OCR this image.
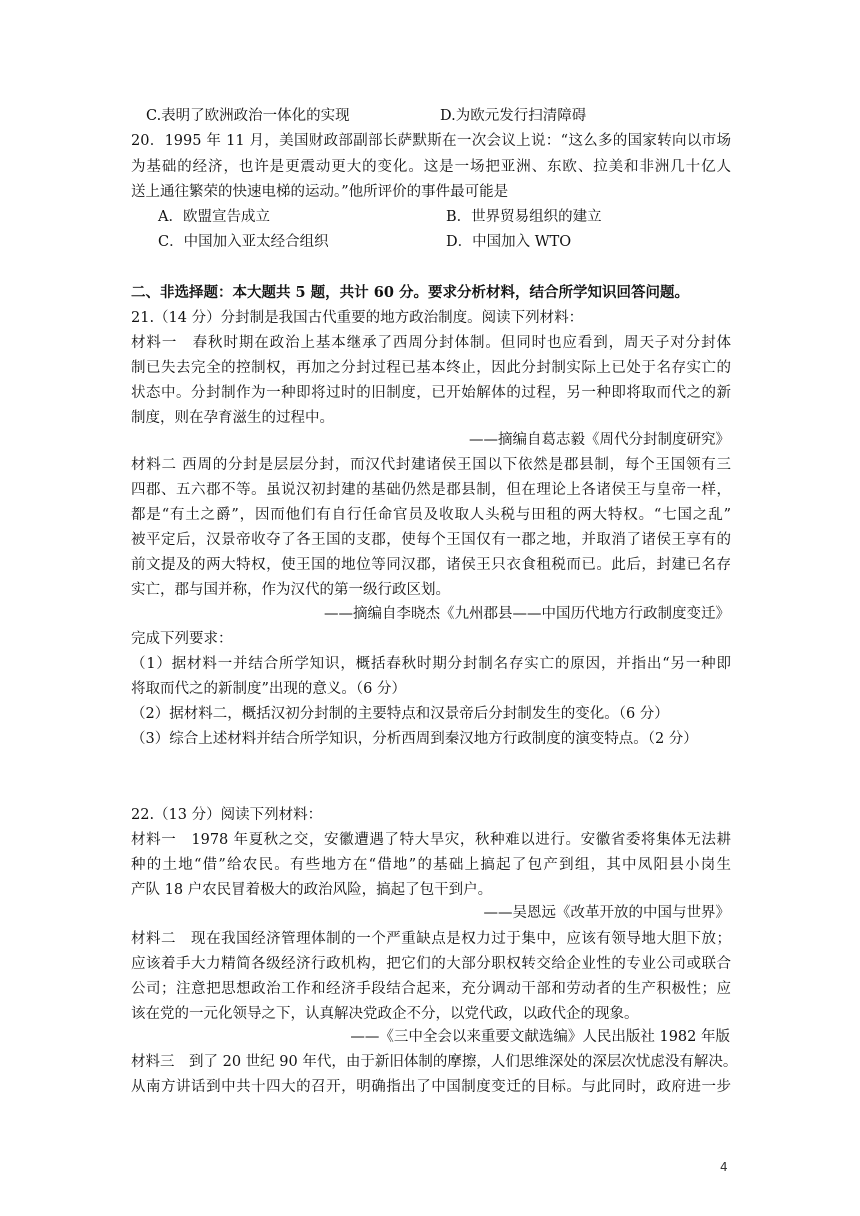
C.表明了欧洲政治一体化的实现	D.为欧元发行扫清障碍
20．1995 年 11 月，美国财政部副部长萨默斯在一次会议上说：“这么多的国家转向以市场
为基础的经济，也许是更震动更大的变化。这是一场把亚洲、东欧、拉美和非洲几十亿人
送上通往繁荣的快速电梯的运动。”他所评价的事件最可能是
A．欧盟宣告成立	B．世界贸易组织的建立
C．中国加入亚太经合组织	D．中国加入 WTO
二、非选择题：本大题共 5 题，共计 60 分。要求分析材料，结合所学知识回答问题。
21.（14 分）分封制是我国古代重要的地方政治制度。阅读下列材料：
材料一　春秋时期在政治上基本继承了西周分封体制。但同时也应看到，周天子对分封体
制已失去完全的控制权，再加之分封过程已基本终止，因此分封制实际上已处于名存实亡的
状态中。分封制作为一种即将过时的旧制度，已开始解体的过程，另一种即将取而代之的新
制度，则在孕育滋生的过程中。
——摘编自葛志毅《周代分封制度研究》
材料二 西周的分封是层层分封，而汉代封建诸侯王国以下依然是郡县制，每个王国领有三
四郡、五六郡不等。虽说汉初封建的基础仍然是郡县制，但在理论上各诸侯王与皇帝一样，
都是“有土之爵”，因而他们有自行任命官员及收取人头税与田租的两大特权。“七国之乱”
被平定后，汉景帝收夺了各王国的支郡，使每个王国仅有一郡之地，并取消了诸侯王享有的
前文提及的两大特权，使王国的地位等同汉郡，诸侯王只衣食租税而已。此后，封建已名存
实亡，郡与国并称，作为汉代的第一级行政区划。
——摘编自李晓杰《九州郡县——中国历代地方行政制度变迁》
完成下列要求：
（1）据材料一并结合所学知识，概括春秋时期分封制名存实亡的原因，并指出“另一种即
将取而代之的新制度”出现的意义。（6 分）
（2）据材料二，概括汉初分封制的主要特点和汉景帝后分封制发生的变化。（6 分）
（3）综合上述材料并结合所学知识，分析西周到秦汉地方行政制度的演变特点。（2 分）
22.（13 分）阅读下列材料：
材料一　1978 年夏秋之交，安徽遭遇了特大旱灾，秋种难以进行。安徽省委将集体无法耕
种的土地“借”给农民。有些地方在“借地”的基础上搞起了包产到组，其中凤阳县小岗生
产队 18 户农民冒着极大的政治风险，搞起了包干到户。
——吴恩远《改革开放的中国与世界》
材料二　现在我国经济管理体制的一个严重缺点是权力过于集中，应该有领导地大胆下放；
应该着手大力精简各级经济行政机构，把它们的大部分职权转交给企业性的专业公司或联合
公司；注意把思想政治工作和经济手段结合起来，充分调动干部和劳动者的生产积极性；应
该在党的一元化领导之下，认真解决党政企不分，以党代政，以政代企的现象。
——《三中全会以来重要文献选编》人民出版社 1982 年版
材料三　到了 20 世纪 90 年代，由于新旧体制的摩擦，人们思维深处的深层次忧虑没有解决。
从南方讲话到中共十四大的召开，明确指出了中国制度变迁的目标。与此同时，政府进一步
4
